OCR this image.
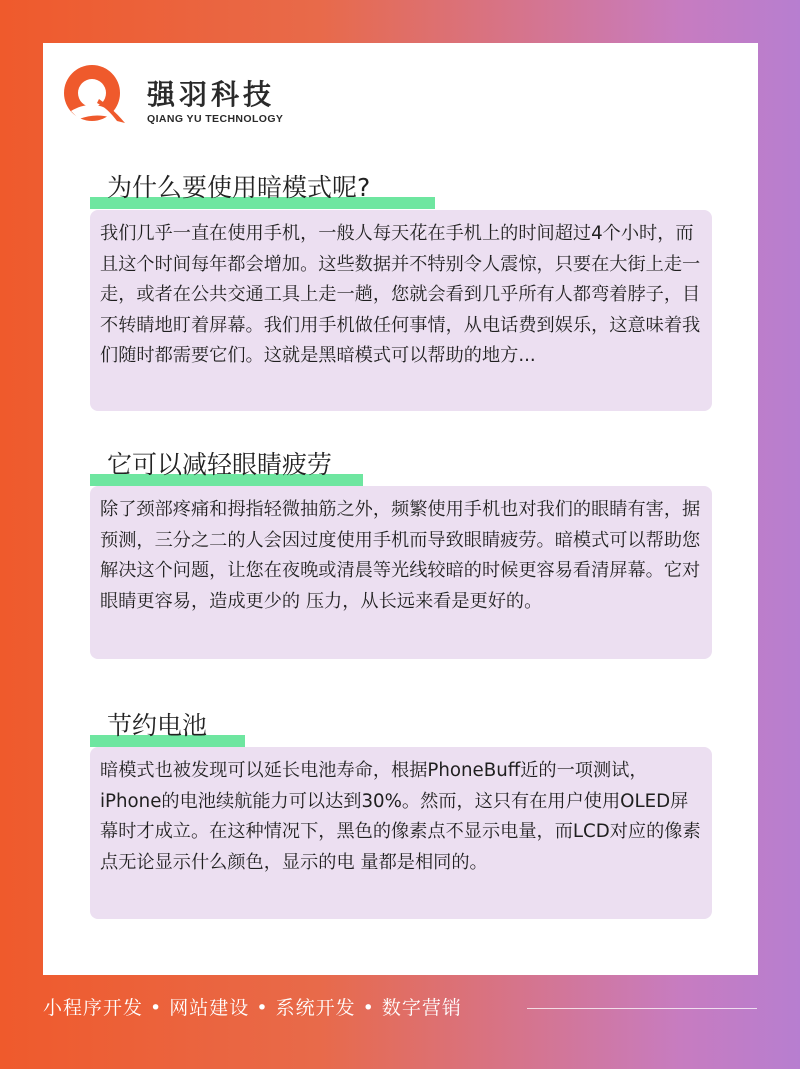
强羽科技
QIANG YU TECHNOLOGY
为什么要使用暗模式呢?
我们几乎一直在使用手机，一般人每天花在手机上的时间超过4个小时，而且这个时间每年都会增加。这些数据并不特别令人震惊，只要在大街上走一走，或者在公共交通工具上走一趟，您就会看到几乎所有人都弯着脖子，目不转睛地盯着屏幕。我们用手机做任何事情，从电话费到娱乐，这意味着我们随时都需要它们。这就是黑暗模式可以帮助的地方...
它可以减轻眼睛疲劳
除了颈部疼痛和拇指轻微抽筋之外，频繁使用手机也对我们的眼睛有害，据预测，三分之二的人会因过度使用手机而导致眼睛疲劳。暗模式可以帮助您解决这个问题，让您在夜晚或清晨等光线较暗的时候更容易看清屏幕。它对眼睛更容易，造成更少的 压力，从长远来看是更好的。
节约电池
暗模式也被发现可以延长电池寿命，根据PhoneBuff近的一项测试，iPhone的电池续航能力可以达到30%。然而，这只有在用户使用OLED屏幕时才成立。在这种情况下，黑色的像素点不显示电量，而LCD对应的像素点无论显示什么颜色，显示的电 量都是相同的。
小程序开发 • 网站建设 • 系统开发 • 数字营销
